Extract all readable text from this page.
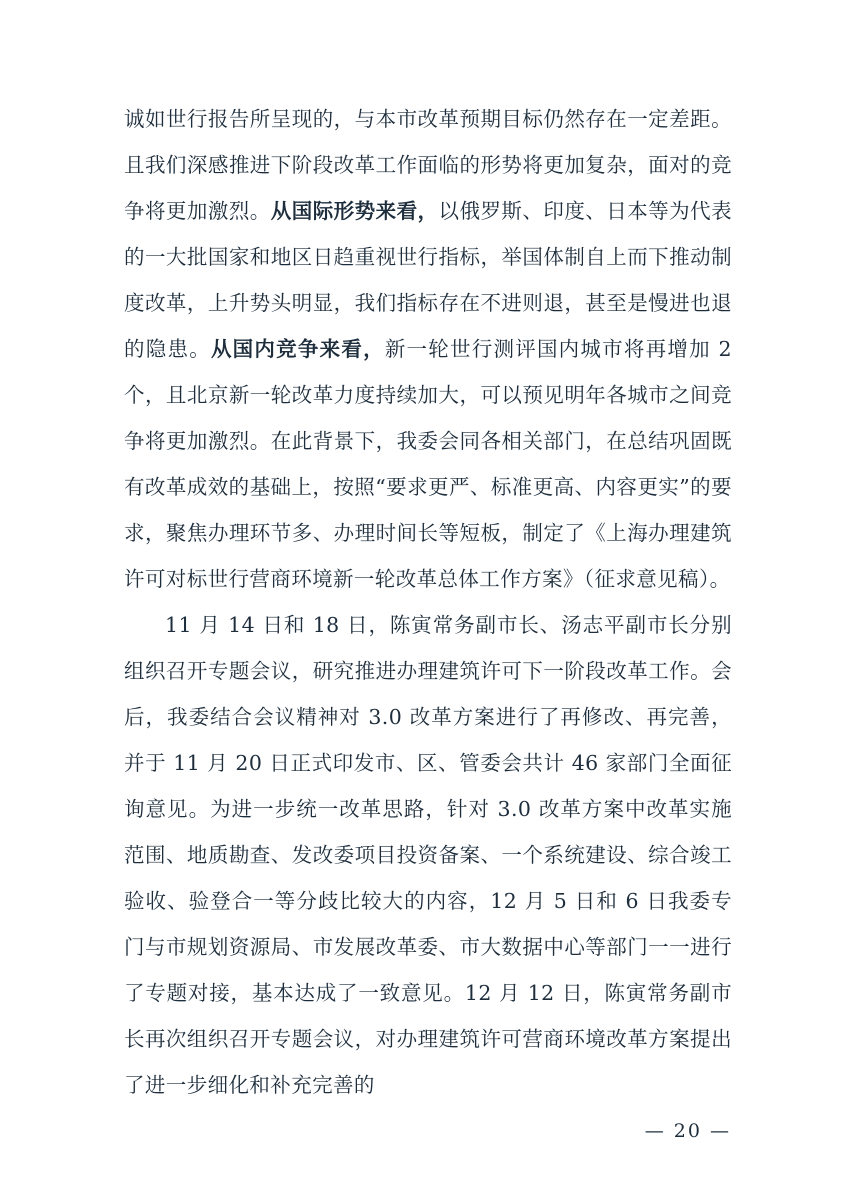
诚如世行报告所呈现的，与本市改革预期目标仍然存在一定差距。且我们深感推进下阶段改革工作面临的形势将更加复杂，面对的竞争将更加激烈。从国际形势来看，以俄罗斯、印度、日本等为代表的一大批国家和地区日趋重视世行指标，举国体制自上而下推动制度改革，上升势头明显，我们指标存在不进则退，甚至是慢进也退的隐患。从国内竞争来看，新一轮世行测评国内城市将再增加 2 个，且北京新一轮改革力度持续加大，可以预见明年各城市之间竞争将更加激烈。在此背景下，我委会同各相关部门，在总结巩固既有改革成效的基础上，按照“要求更严、标准更高、内容更实”的要求，聚焦办理环节多、办理时间长等短板，制定了《上海办理建筑许可对标世行营商环境新一轮改革总体工作方案》（征求意见稿）。

11 月 14 日和 18 日，陈寅常务副市长、汤志平副市长分别组织召开专题会议，研究推进办理建筑许可下一阶段改革工作。会后，我委结合会议精神对 3.0 改革方案进行了再修改、再完善，并于 11 月 20 日正式印发市、区、管委会共计 46 家部门全面征询意见。为进一步统一改革思路，针对 3.0 改革方案中改革实施范围、地质勘查、发改委项目投资备案、一个系统建设、综合竣工验收、验登合一等分歧比较大的内容，12 月 5 日和 6 日我委专门与市规划资源局、市发展改革委、市大数据中心等部门一一进行了专题对接，基本达成了一致意见。12 月 12 日，陈寅常务副市长再次组织召开专题会议，对办理建筑许可营商环境改革方案提出了进一步细化和补充完善的

— 20 —
